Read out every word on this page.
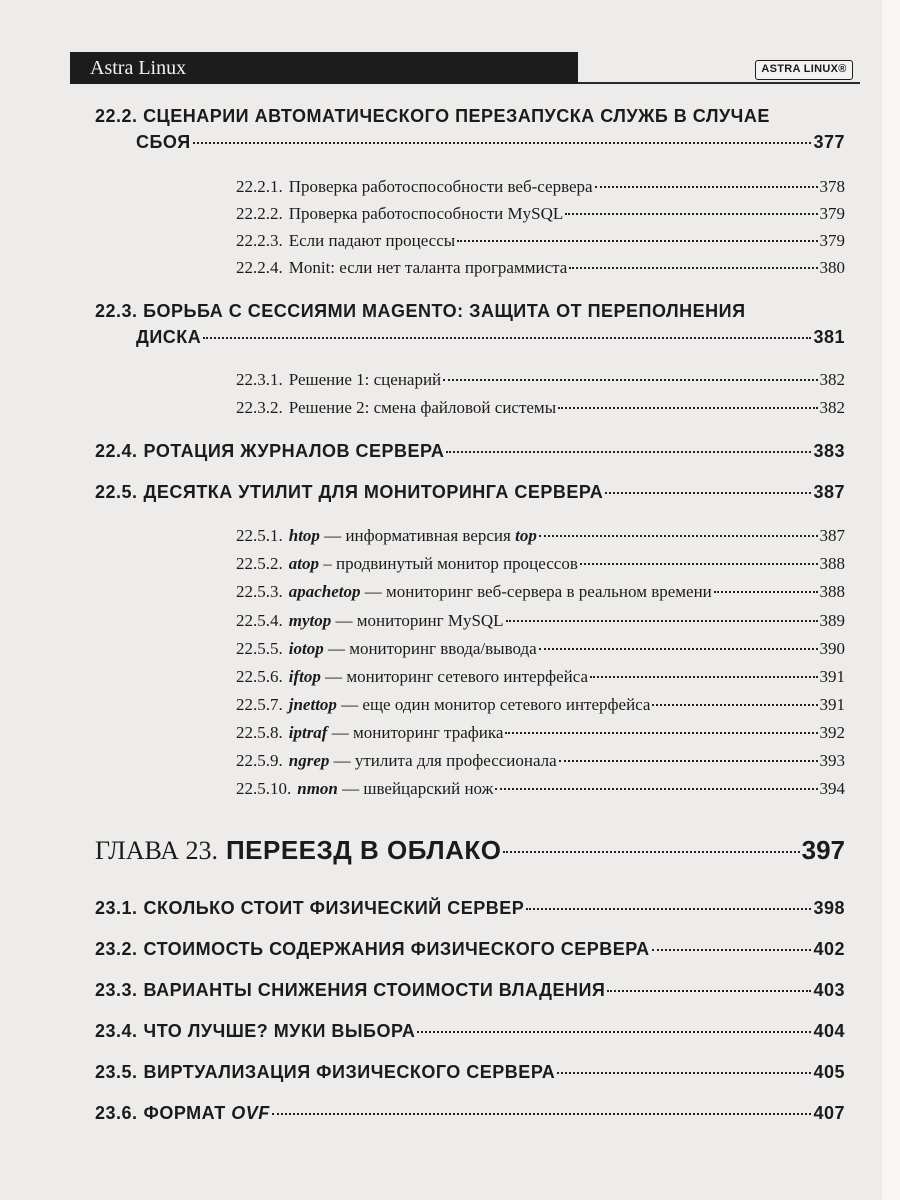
Astra Linux	ASTRA LINUX®
22.2. СЦЕНАРИИ АВТОМАТИЧЕСКОГО ПЕРЕЗАПУСКА СЛУЖБ В СЛУЧАЕ
СБОЯ	377
22.2.1. Проверка работоспособности веб-сервера	378
22.2.2. Проверка работоспособности MySQL	379
22.2.3. Если падают процессы	379
22.2.4. Monit: если нет таланта программиста	380
22.3. БОРЬБА С СЕССИЯМИ MAGENTO: ЗАЩИТА ОТ ПЕРЕПОЛНЕНИЯ
ДИСКА	381
22.3.1. Решение 1: сценарий	382
22.3.2. Решение 2: смена файловой системы	382
22.4. РОТАЦИЯ ЖУРНАЛОВ СЕРВЕРА	383
22.5. ДЕСЯТКА УТИЛИТ ДЛЯ МОНИТОРИНГА СЕРВЕРА	387
22.5.1. htop — информативная версия top	387
22.5.2. atop – продвинутый монитор процессов	388
22.5.3. apachetop — мониторинг веб-сервера в реальном времени	388
22.5.4. mytop — мониторинг MySQL	389
22.5.5. iotop — мониторинг ввода/вывода	390
22.5.6. iftop — мониторинг сетевого интерфейса	391
22.5.7. jnettop — еще один монитор сетевого интерфейса	391
22.5.8. iptraf — мониторинг трафика	392
22.5.9. ngrep — утилита для профессионала	393
22.5.10. nmon — швейцарский нож	394
ГЛАВА 23. ПЕРЕЕЗД В ОБЛАКО	397
23.1. СКОЛЬКО СТОИТ ФИЗИЧЕСКИЙ СЕРВЕР	398
23.2. СТОИМОСТЬ СОДЕРЖАНИЯ ФИЗИЧЕСКОГО СЕРВЕРА	402
23.3. ВАРИАНТЫ СНИЖЕНИЯ СТОИМОСТИ ВЛАДЕНИЯ	403
23.4. ЧТО ЛУЧШЕ? МУКИ ВЫБОРА	404
23.5. ВИРТУАЛИЗАЦИЯ ФИЗИЧЕСКОГО СЕРВЕРА	405
23.6. ФОРМАТ OVF	407
